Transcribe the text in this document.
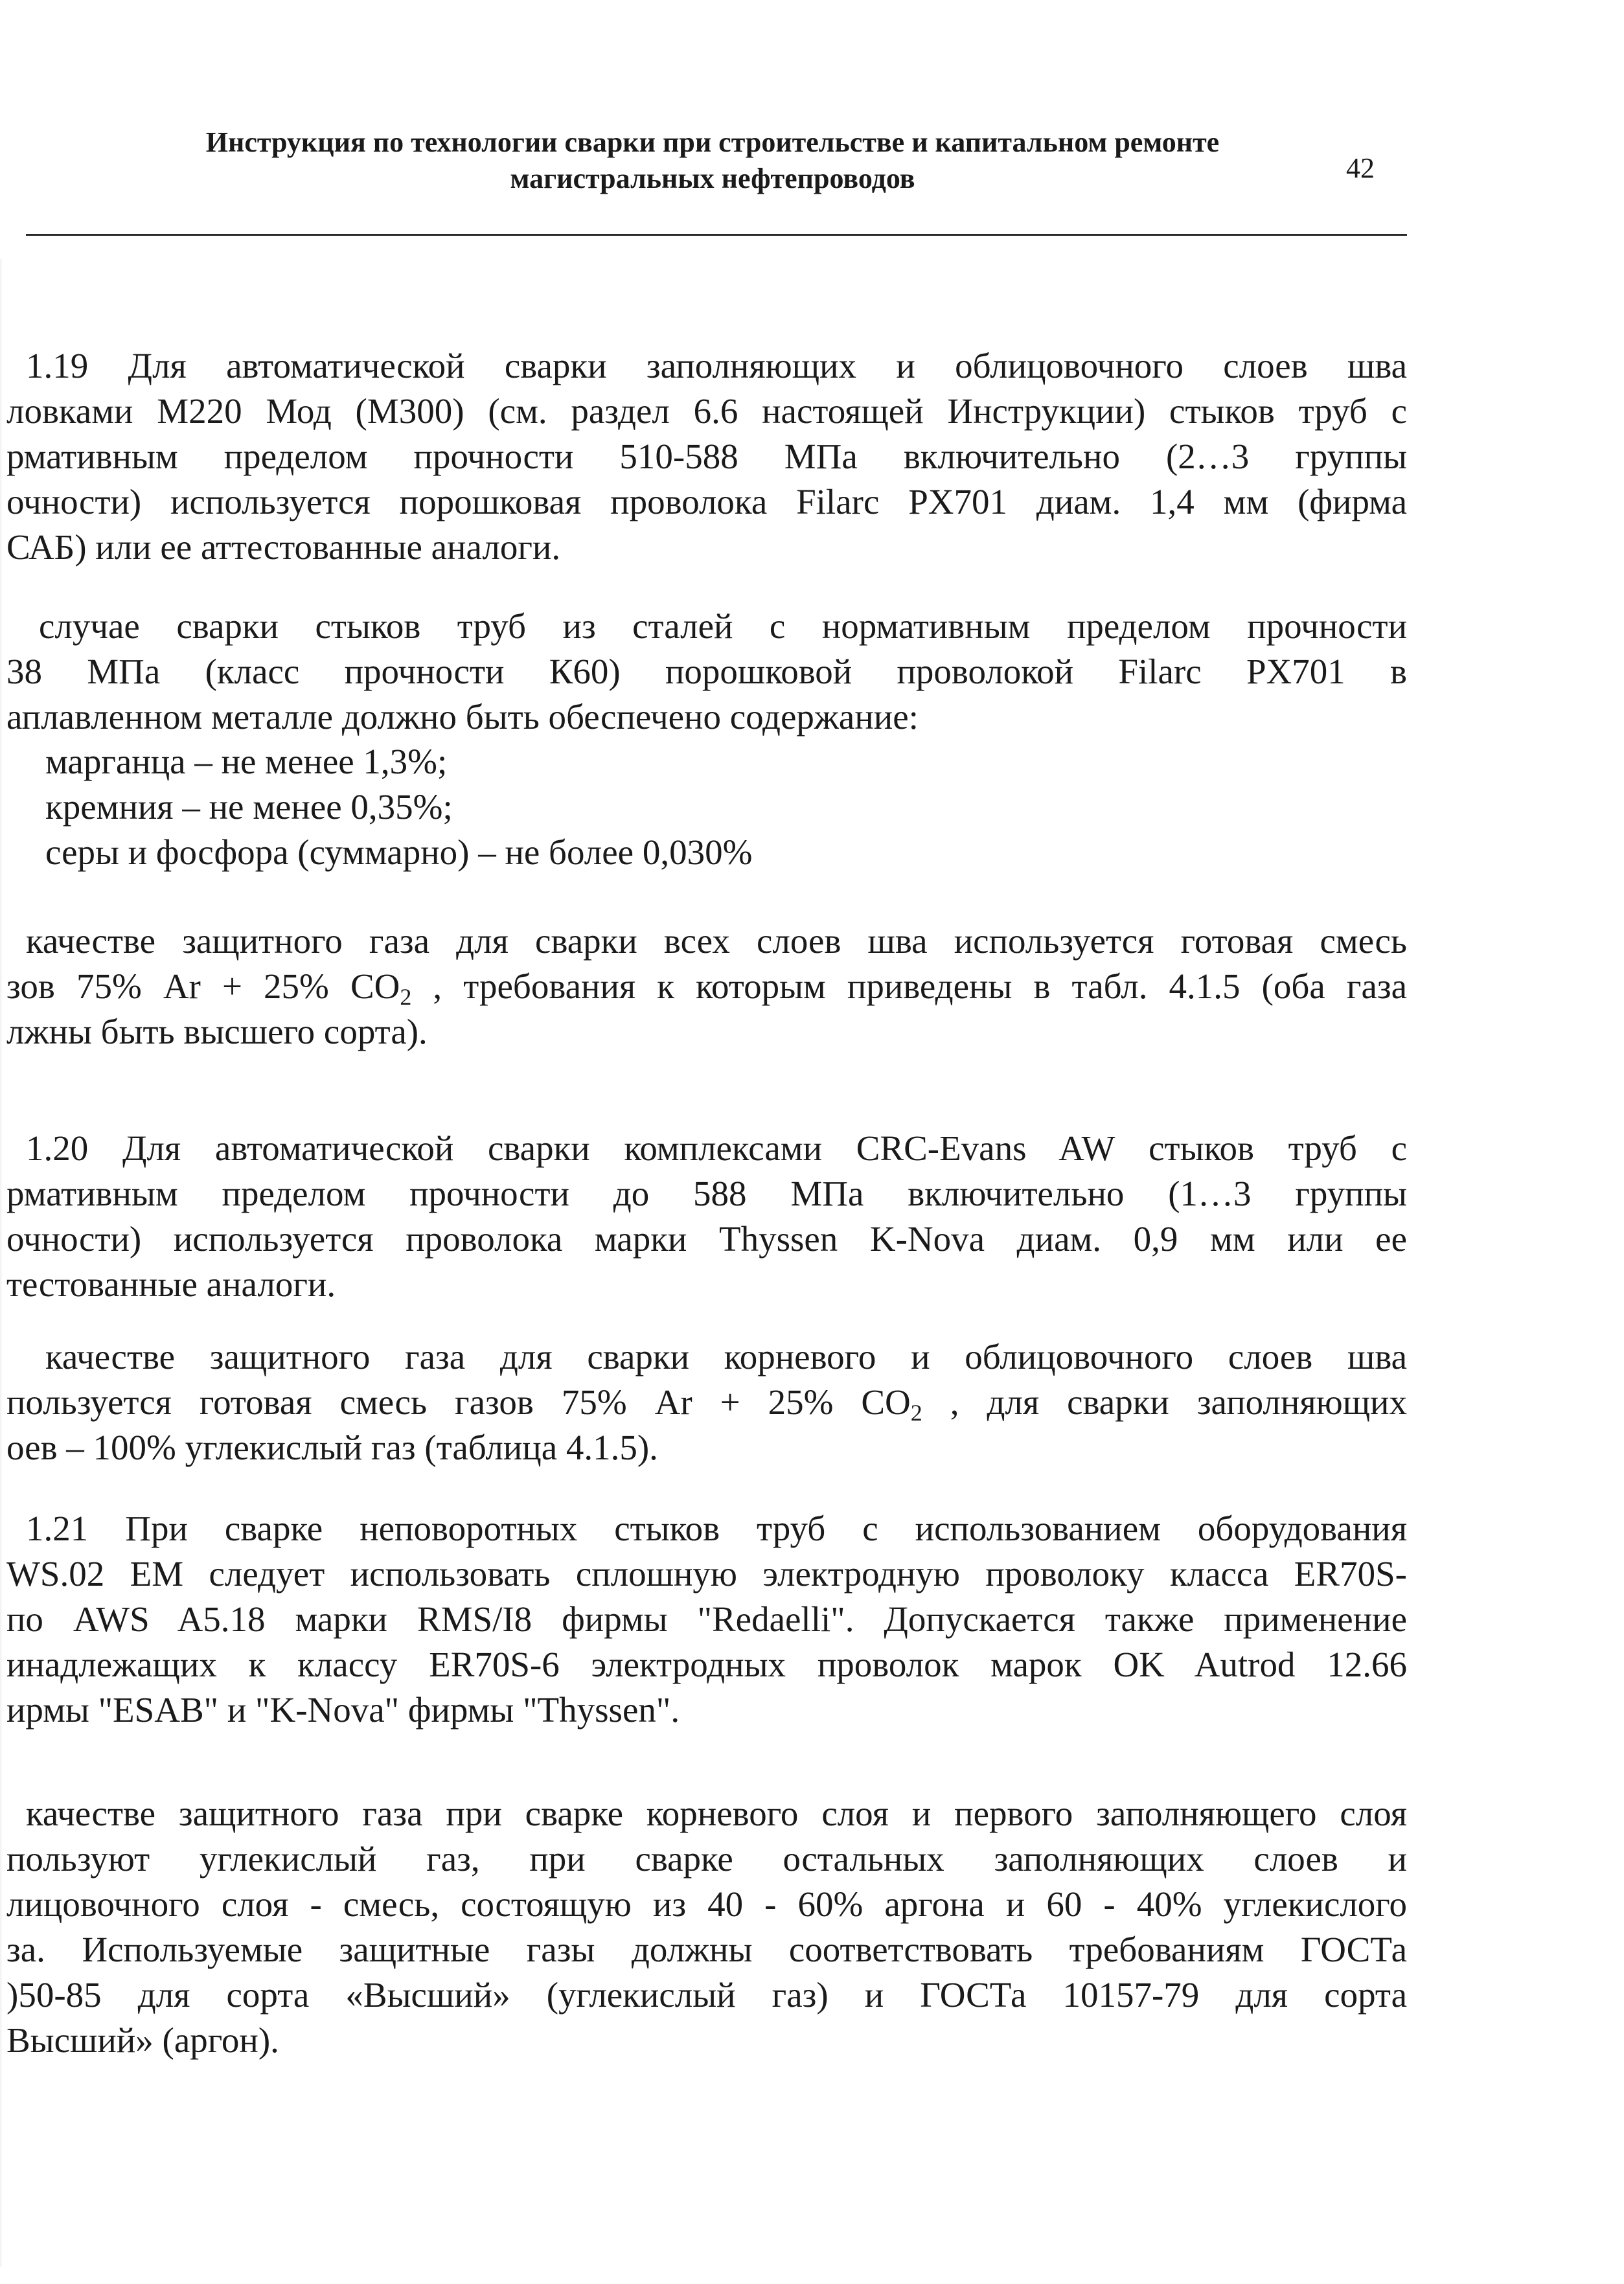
Инструкция по технологии сварки при строительстве и капитальном ремонте
магистральных нефтепроводов	42
1.19 Для автоматической сварки заполняющих и облицовочного слоев шва
ловками M220 Мод (M300) (см. раздел 6.6 настоящей Инструкции) стыков труб с
рмативным пределом прочности 510-588 МПа включительно (2…3 группы
очности) используется порошковая проволока Filarc PX701 диам. 1,4 мм (фирма
САБ) или ее аттестованные аналоги.
случае сварки стыков труб из сталей с нормативным пределом прочности
38 МПа (класс прочности К60) порошковой проволокой Filarc PX701 в
аплавленном металле должно быть обеспечено содержание:
марганца – не менее 1,3%;
кремния – не менее 0,35%;
серы и фосфора (суммарно) – не более 0,030%
качестве защитного газа для сварки всех слоев шва используется готовая смесь
зов 75% Ar + 25% $CO_2$ , требования к которым приведены в табл. 4.1.5 (оба газа
лжны быть высшего сорта).
1.20 Для автоматической сварки комплексами CRC-Evans AW стыков труб с
рмативным пределом прочности до 588 МПа включительно (1…3 группы
очности) используется проволока марки Thyssen K-Nova диам. 0,9 мм или ее
тестованные аналоги.
качестве защитного газа для сварки корневого и облицовочного слоев шва
пользуется готовая смесь газов 75% Ar + 25% $CO_2$ , для сварки заполняющих
оев – 100% углекислый газ (таблица 4.1.5).
1.21 При сварке неповоротных стыков труб с использованием оборудования
WS.02 EM следует использовать сплошную электродную проволоку класса ER70S-
по AWS A5.18 марки RMS/I8 фирмы "Redaelli". Допускается также применение
инадлежащих к классу ER70S-6 электродных проволок марок OK Autrod 12.66
ирмы "ESAB" и "K-Nova" фирмы "Thyssen".
качестве защитного газа при сварке корневого слоя и первого заполняющего слоя
пользуют углекислый газ, при сварке остальных заполняющих слоев и
лицовочного слоя - смесь, состоящую из 40 - 60% аргона и 60 - 40% углекислого
за. Используемые защитные газы должны соответствовать требованиям ГОСТа
)50-85 для сорта «Высший» (углекислый газ) и ГОСТа 10157-79 для сорта
Высший» (аргон).
